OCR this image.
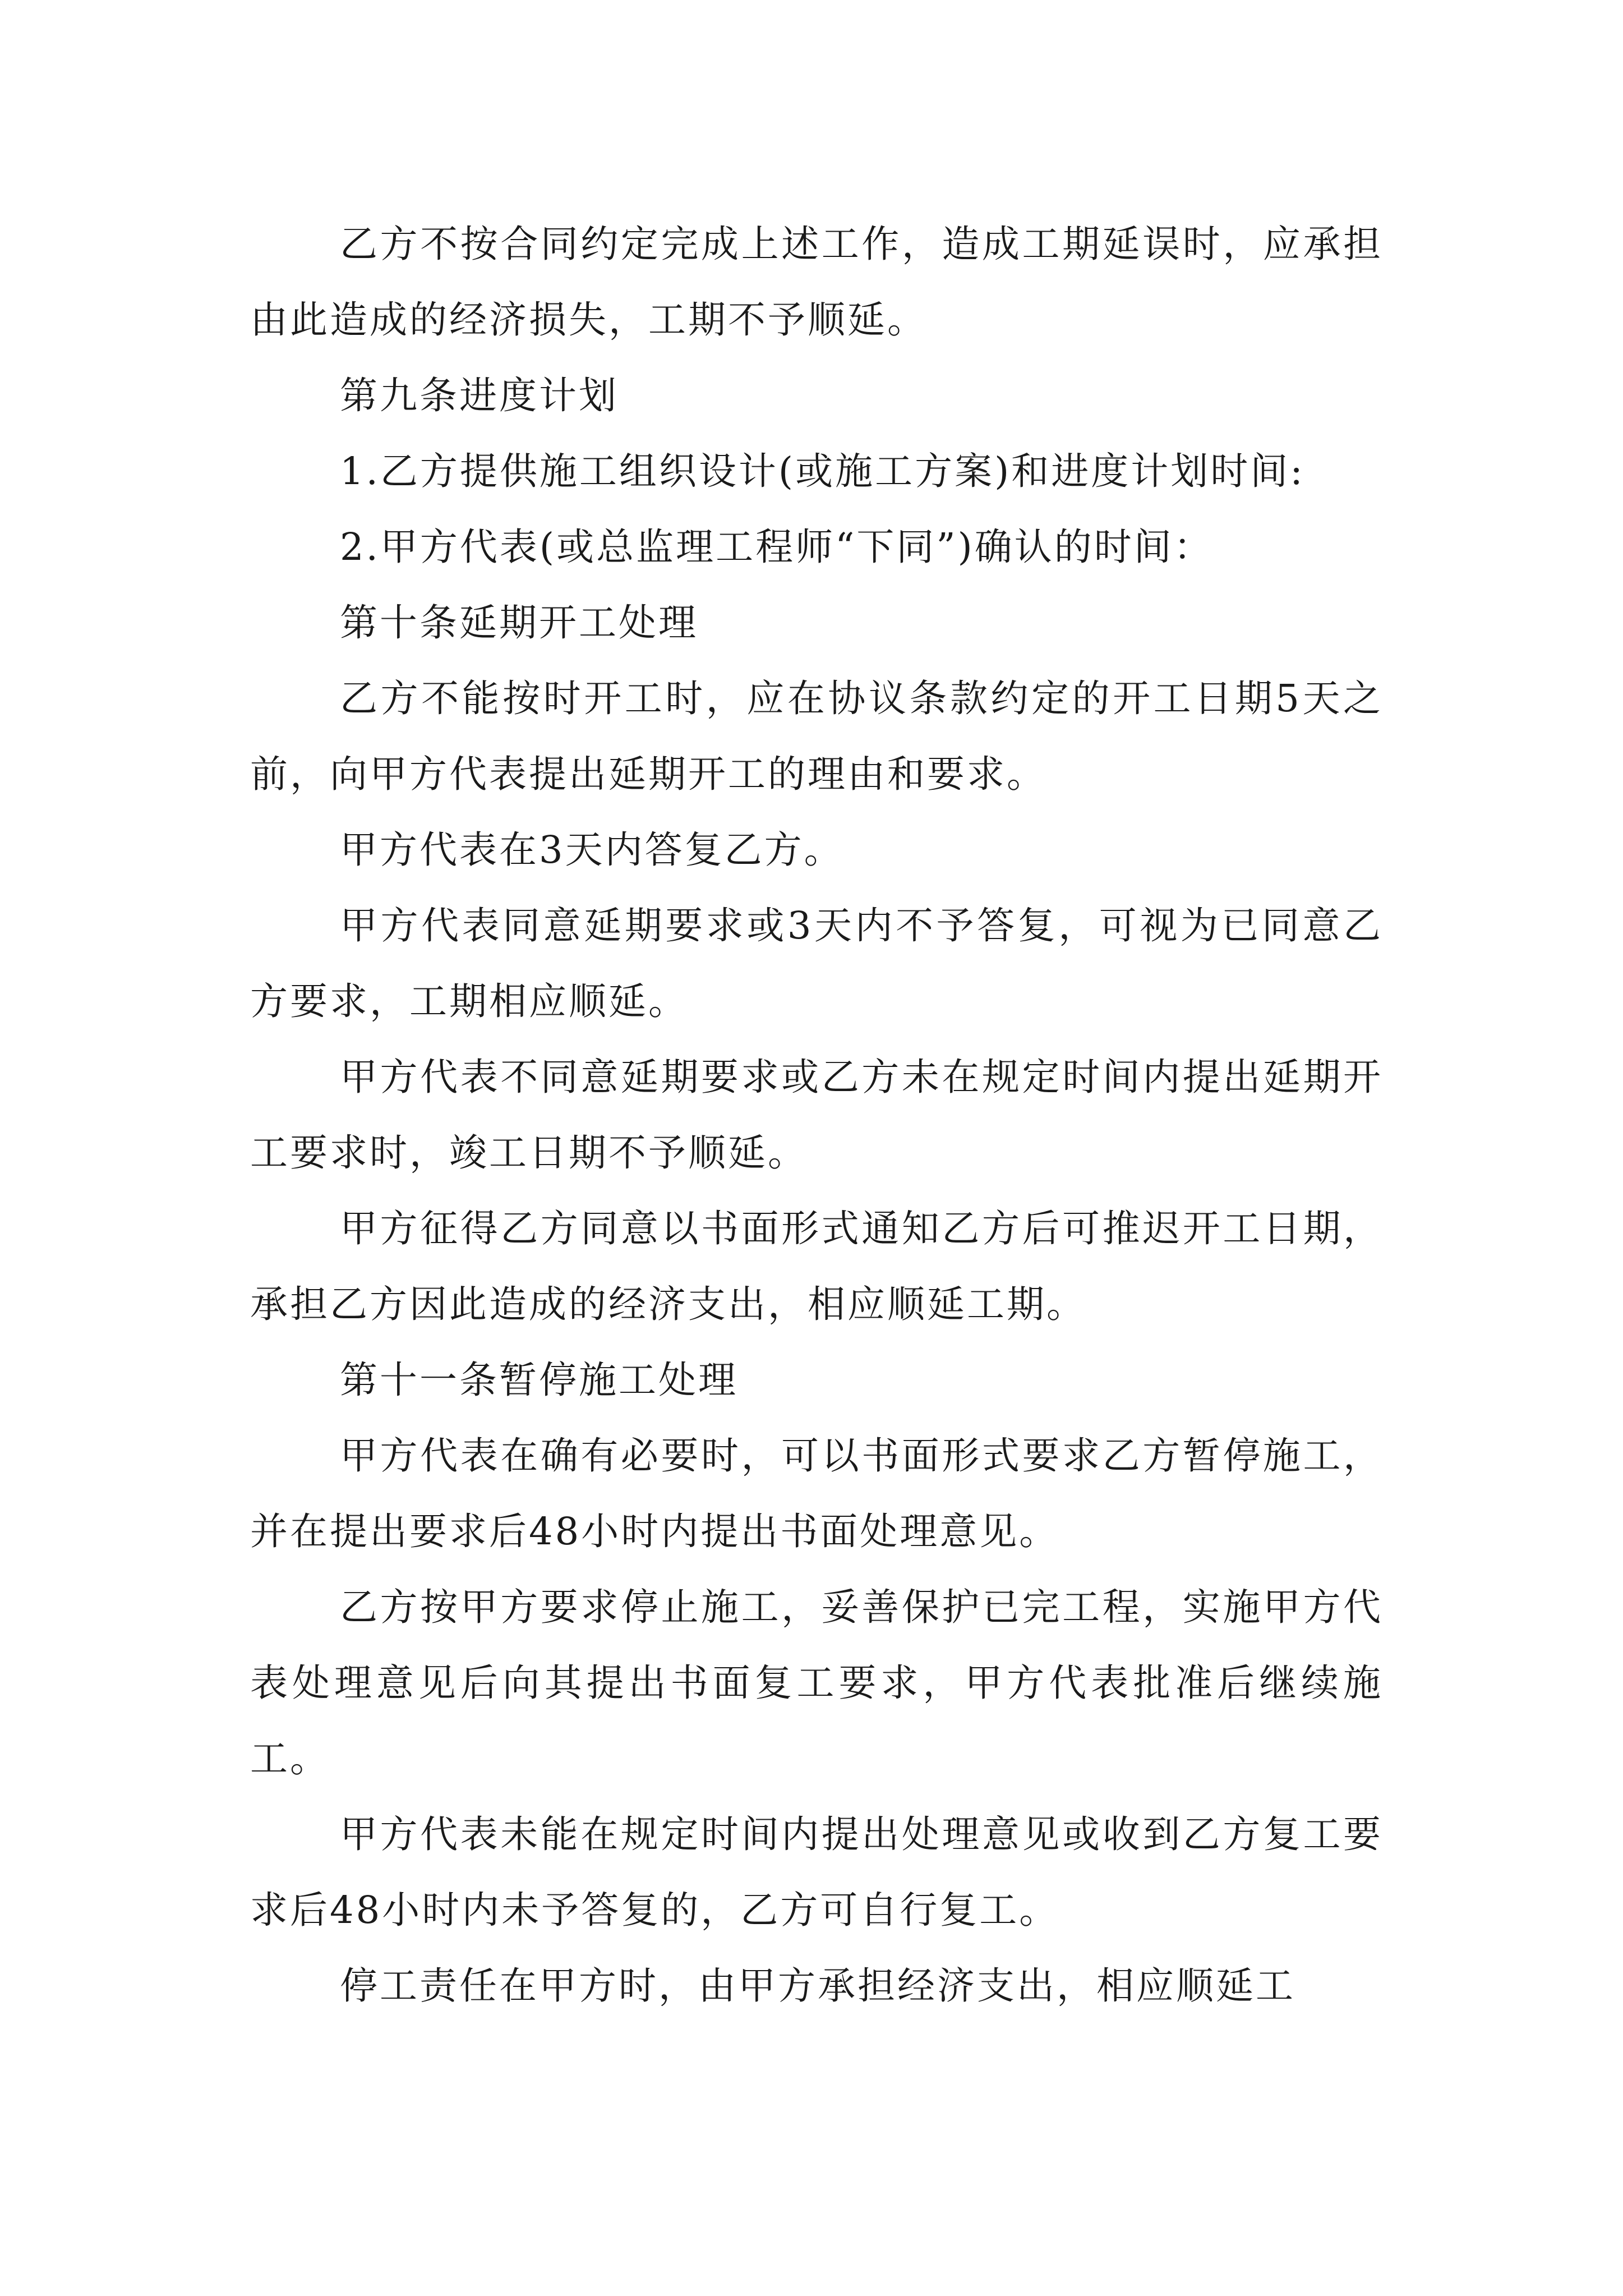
乙方不按合同约定完成上述工作，造成工期延误时，应承担由此造成的经济损失，工期不予顺延。

第九条进度计划

1.乙方提供施工组织设计(或施工方案)和进度计划时间:

2.甲方代表(或总监理工程师“下同”)确认的时间：

第十条延期开工处理

乙方不能按时开工时，应在协议条款约定的开工日期5天之前，向甲方代表提出延期开工的理由和要求。

甲方代表在3天内答复乙方。

甲方代表同意延期要求或3天内不予答复，可视为已同意乙方要求，工期相应顺延。

甲方代表不同意延期要求或乙方未在规定时间内提出延期开工要求时，竣工日期不予顺延。

甲方征得乙方同意以书面形式通知乙方后可推迟开工日期，承担乙方因此造成的经济支出，相应顺延工期。

第十一条暂停施工处理

甲方代表在确有必要时，可以书面形式要求乙方暂停施工，并在提出要求后48小时内提出书面处理意见。

乙方按甲方要求停止施工，妥善保护已完工程，实施甲方代表处理意见后向其提出书面复工要求，甲方代表批准后继续施工。

甲方代表未能在规定时间内提出处理意见或收到乙方复工要求后48小时内未予答复的，乙方可自行复工。

停工责任在甲方时，由甲方承担经济支出，相应顺延工
